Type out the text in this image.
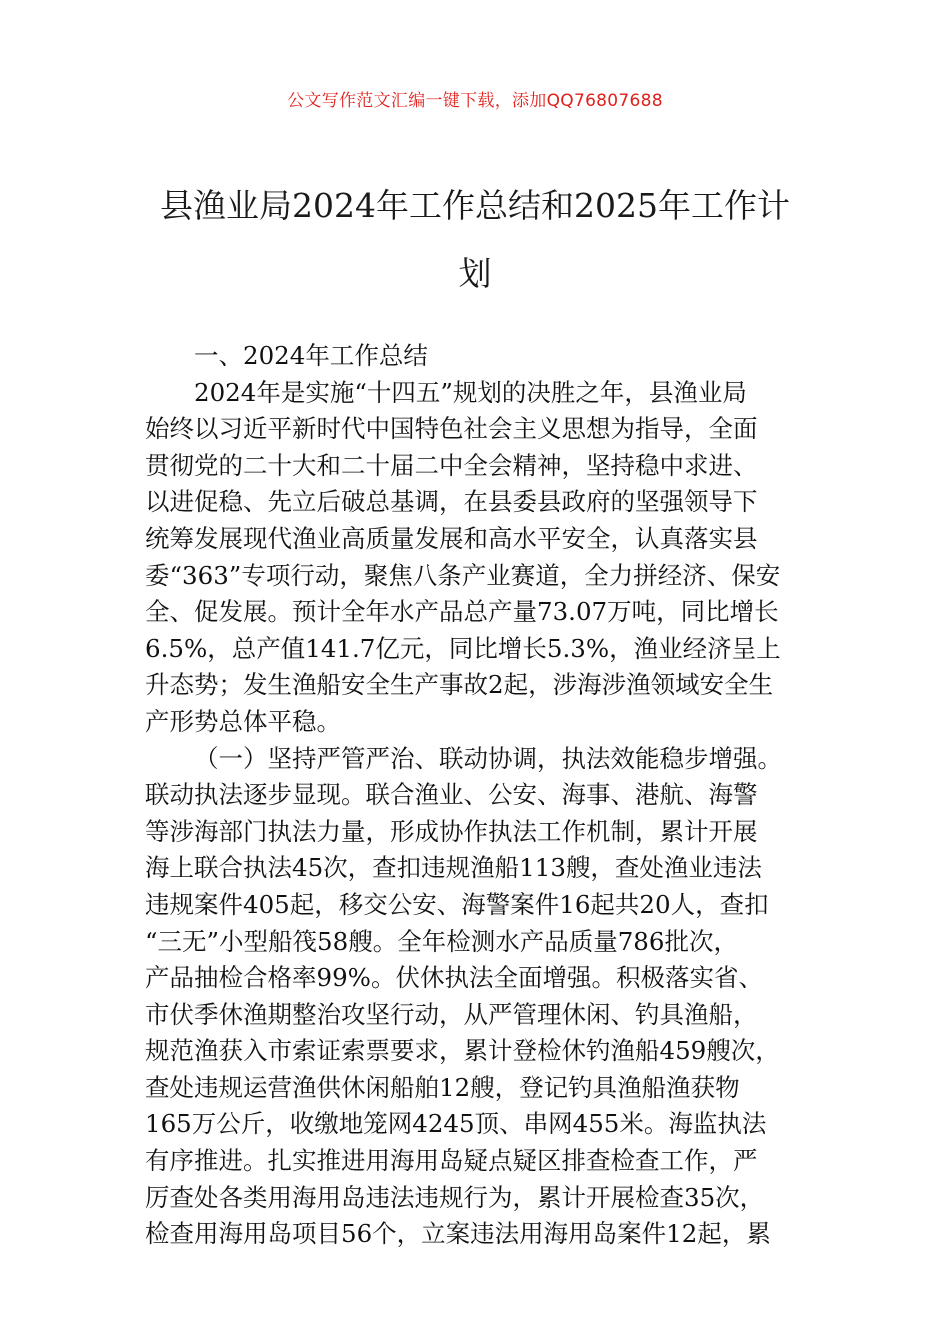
公文写作范文汇编一键下载，添加QQ76807688
县渔业局2024年工作总结和2025年工作计
划
一、2024年工作总结
2024年是实施“十四五”规划的决胜之年，县渔业局
始终以习近平新时代中国特色社会主义思想为指导，全面
贯彻党的二十大和二十届二中全会精神，坚持稳中求进、
以进促稳、先立后破总基调，在县委县政府的坚强领导下
统筹发展现代渔业高质量发展和高水平安全，认真落实县
委“363”专项行动，聚焦八条产业赛道，全力拼经济、保安
全、促发展。预计全年水产品总产量73.07万吨，同比增长
6.5%，总产值141.7亿元，同比增长5.3%，渔业经济呈上
升态势；发生渔船安全生产事故2起，涉海涉渔领域安全生
产形势总体平稳。
（一）坚持严管严治、联动协调，执法效能稳步增强。
联动执法逐步显现。联合渔业、公安、海事、港航、海警
等涉海部门执法力量，形成协作执法工作机制，累计开展
海上联合执法45次，查扣违规渔船113艘，查处渔业违法
违规案件405起，移交公安、海警案件16起共20人，查扣
“三无”小型船筏58艘。全年检测水产品质量786批次，
产品抽检合格率99%。伏休执法全面增强。积极落实省、
市伏季休渔期整治攻坚行动，从严管理休闲、钓具渔船，
规范渔获入市索证索票要求，累计登检休钓渔船459艘次，
查处违规运营渔供休闲船舶12艘，登记钓具渔船渔获物
165万公斤，收缴地笼网4245顶、串网455米。海监执法
有序推进。扎实推进用海用岛疑点疑区排查检查工作，严
厉查处各类用海用岛违法违规行为，累计开展检查35次，
检查用海用岛项目56个，立案违法用海用岛案件12起，累
